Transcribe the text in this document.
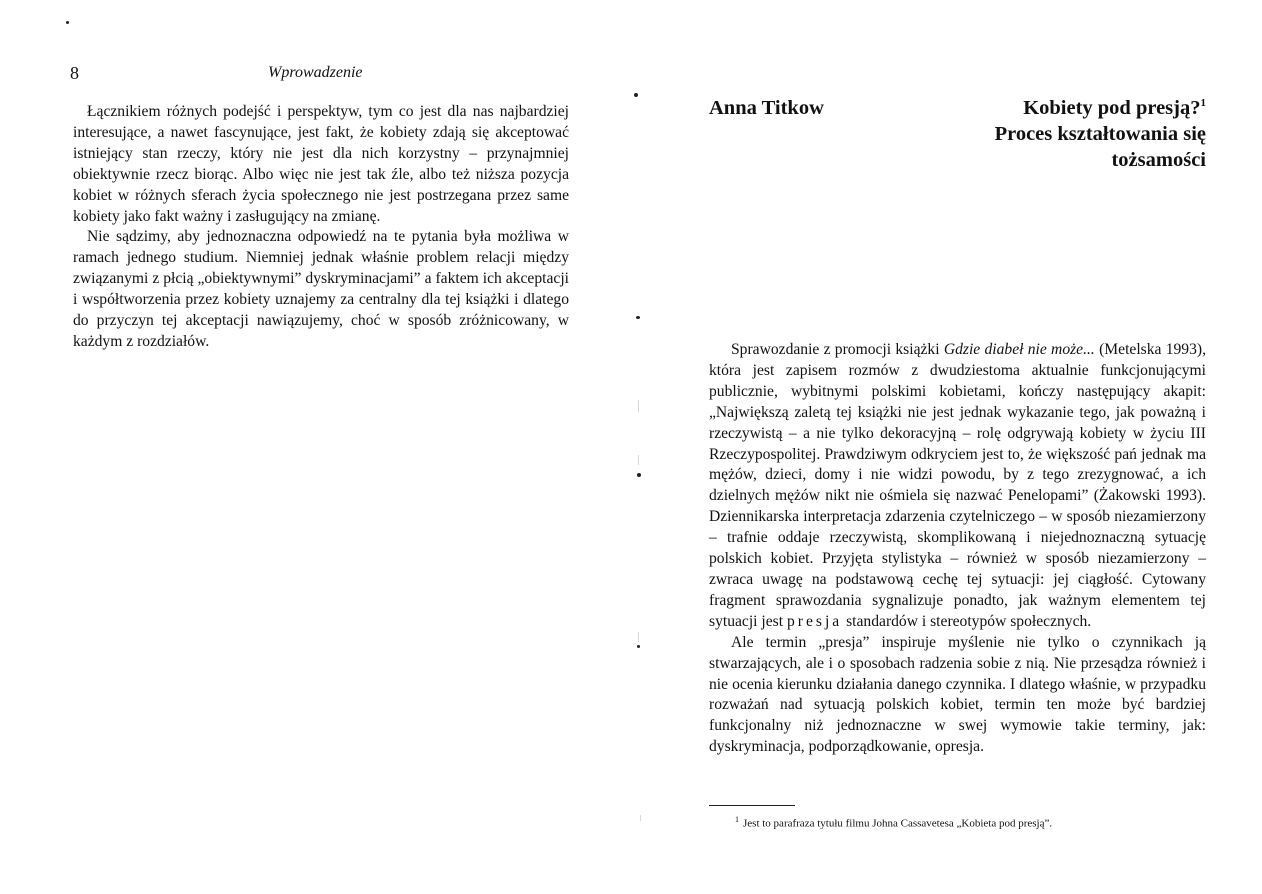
8	Wprowadzenie

Łącznikiem różnych podejść i perspektyw, tym co jest dla nas najbardziej interesujące, a nawet fascynujące, jest fakt, że kobiety zdają się akceptować istniejący stan rzeczy, który nie jest dla nich korzystny – przynajmniej obiektywnie rzecz biorąc. Albo więc nie jest tak źle, albo też niższa pozycja kobiet w różnych sferach życia społecznego nie jest postrzegana przez same kobiety jako fakt ważny i zasługujący na zmianę.

Nie sądzimy, aby jednoznaczna odpowiedź na te pytania była możliwa w ramach jednego studium. Niemniej jednak właśnie problem relacji między związanymi z płcią „obiektywnymi” dyskryminacjami” a faktem ich akceptacji i współtworzenia przez kobiety uznajemy za centralny dla tej książki i dlatego do przyczyn tej akceptacji nawiązujemy, choć w sposób zróżnicowany, w każdym z rozdziałów.

Anna Titkow	Kobiety pod presją?$^1$
Proces kształtowania się
tożsamości

Sprawozdanie z promocji książki Gdzie diabeł nie może... (Metelska 1993), która jest zapisem rozmów z dwudziestoma aktualnie funkcjonującymi publicznie, wybitnymi polskimi kobietami, kończy następujący akapit: „Największą zaletą tej książki nie jest jednak wykazanie tego, jak poważną i rzeczywistą – a nie tylko dekoracyjną – rolę odgrywają kobiety w życiu III Rzeczypospolitej. Prawdziwym odkryciem jest to, że większość pań jednak ma mężów, dzieci, domy i nie widzi powodu, by z tego zrezygnować, a ich dzielnych mężów nikt nie ośmiela się nazwać Penelopami” (Żakowski 1993). Dziennikarska interpretacja zdarzenia czytelniczego – w sposób niezamierzony – trafnie oddaje rzeczywistą, skomplikowaną i niejednoznaczną sytuację polskich kobiet. Przyjęta stylistyka – również w sposób niezamierzony – zwraca uwagę na podstawową cechę tej sytuacji: jej ciągłość. Cytowany fragment sprawozdania sygnalizuje ponadto, jak ważnym elementem tej sytuacji jest presja standardów i stereotypów społecznych.

Ale termin „presja” inspiruje myślenie nie tylko o czynnikach ją stwarzających, ale i o sposobach radzenia sobie z nią. Nie przesądza również i nie ocenia kierunku działania danego czynnika. I dlatego właśnie, w przypadku rozważań nad sytuacją polskich kobiet, termin ten może być bardziej funkcjonalny niż jednoznaczne w swej wymowie takie terminy, jak: dyskryminacja, podporządkowanie, opresja.

$^1$ Jest to parafraza tytułu filmu Johna Cassavetesa „Kobieta pod presją”.
